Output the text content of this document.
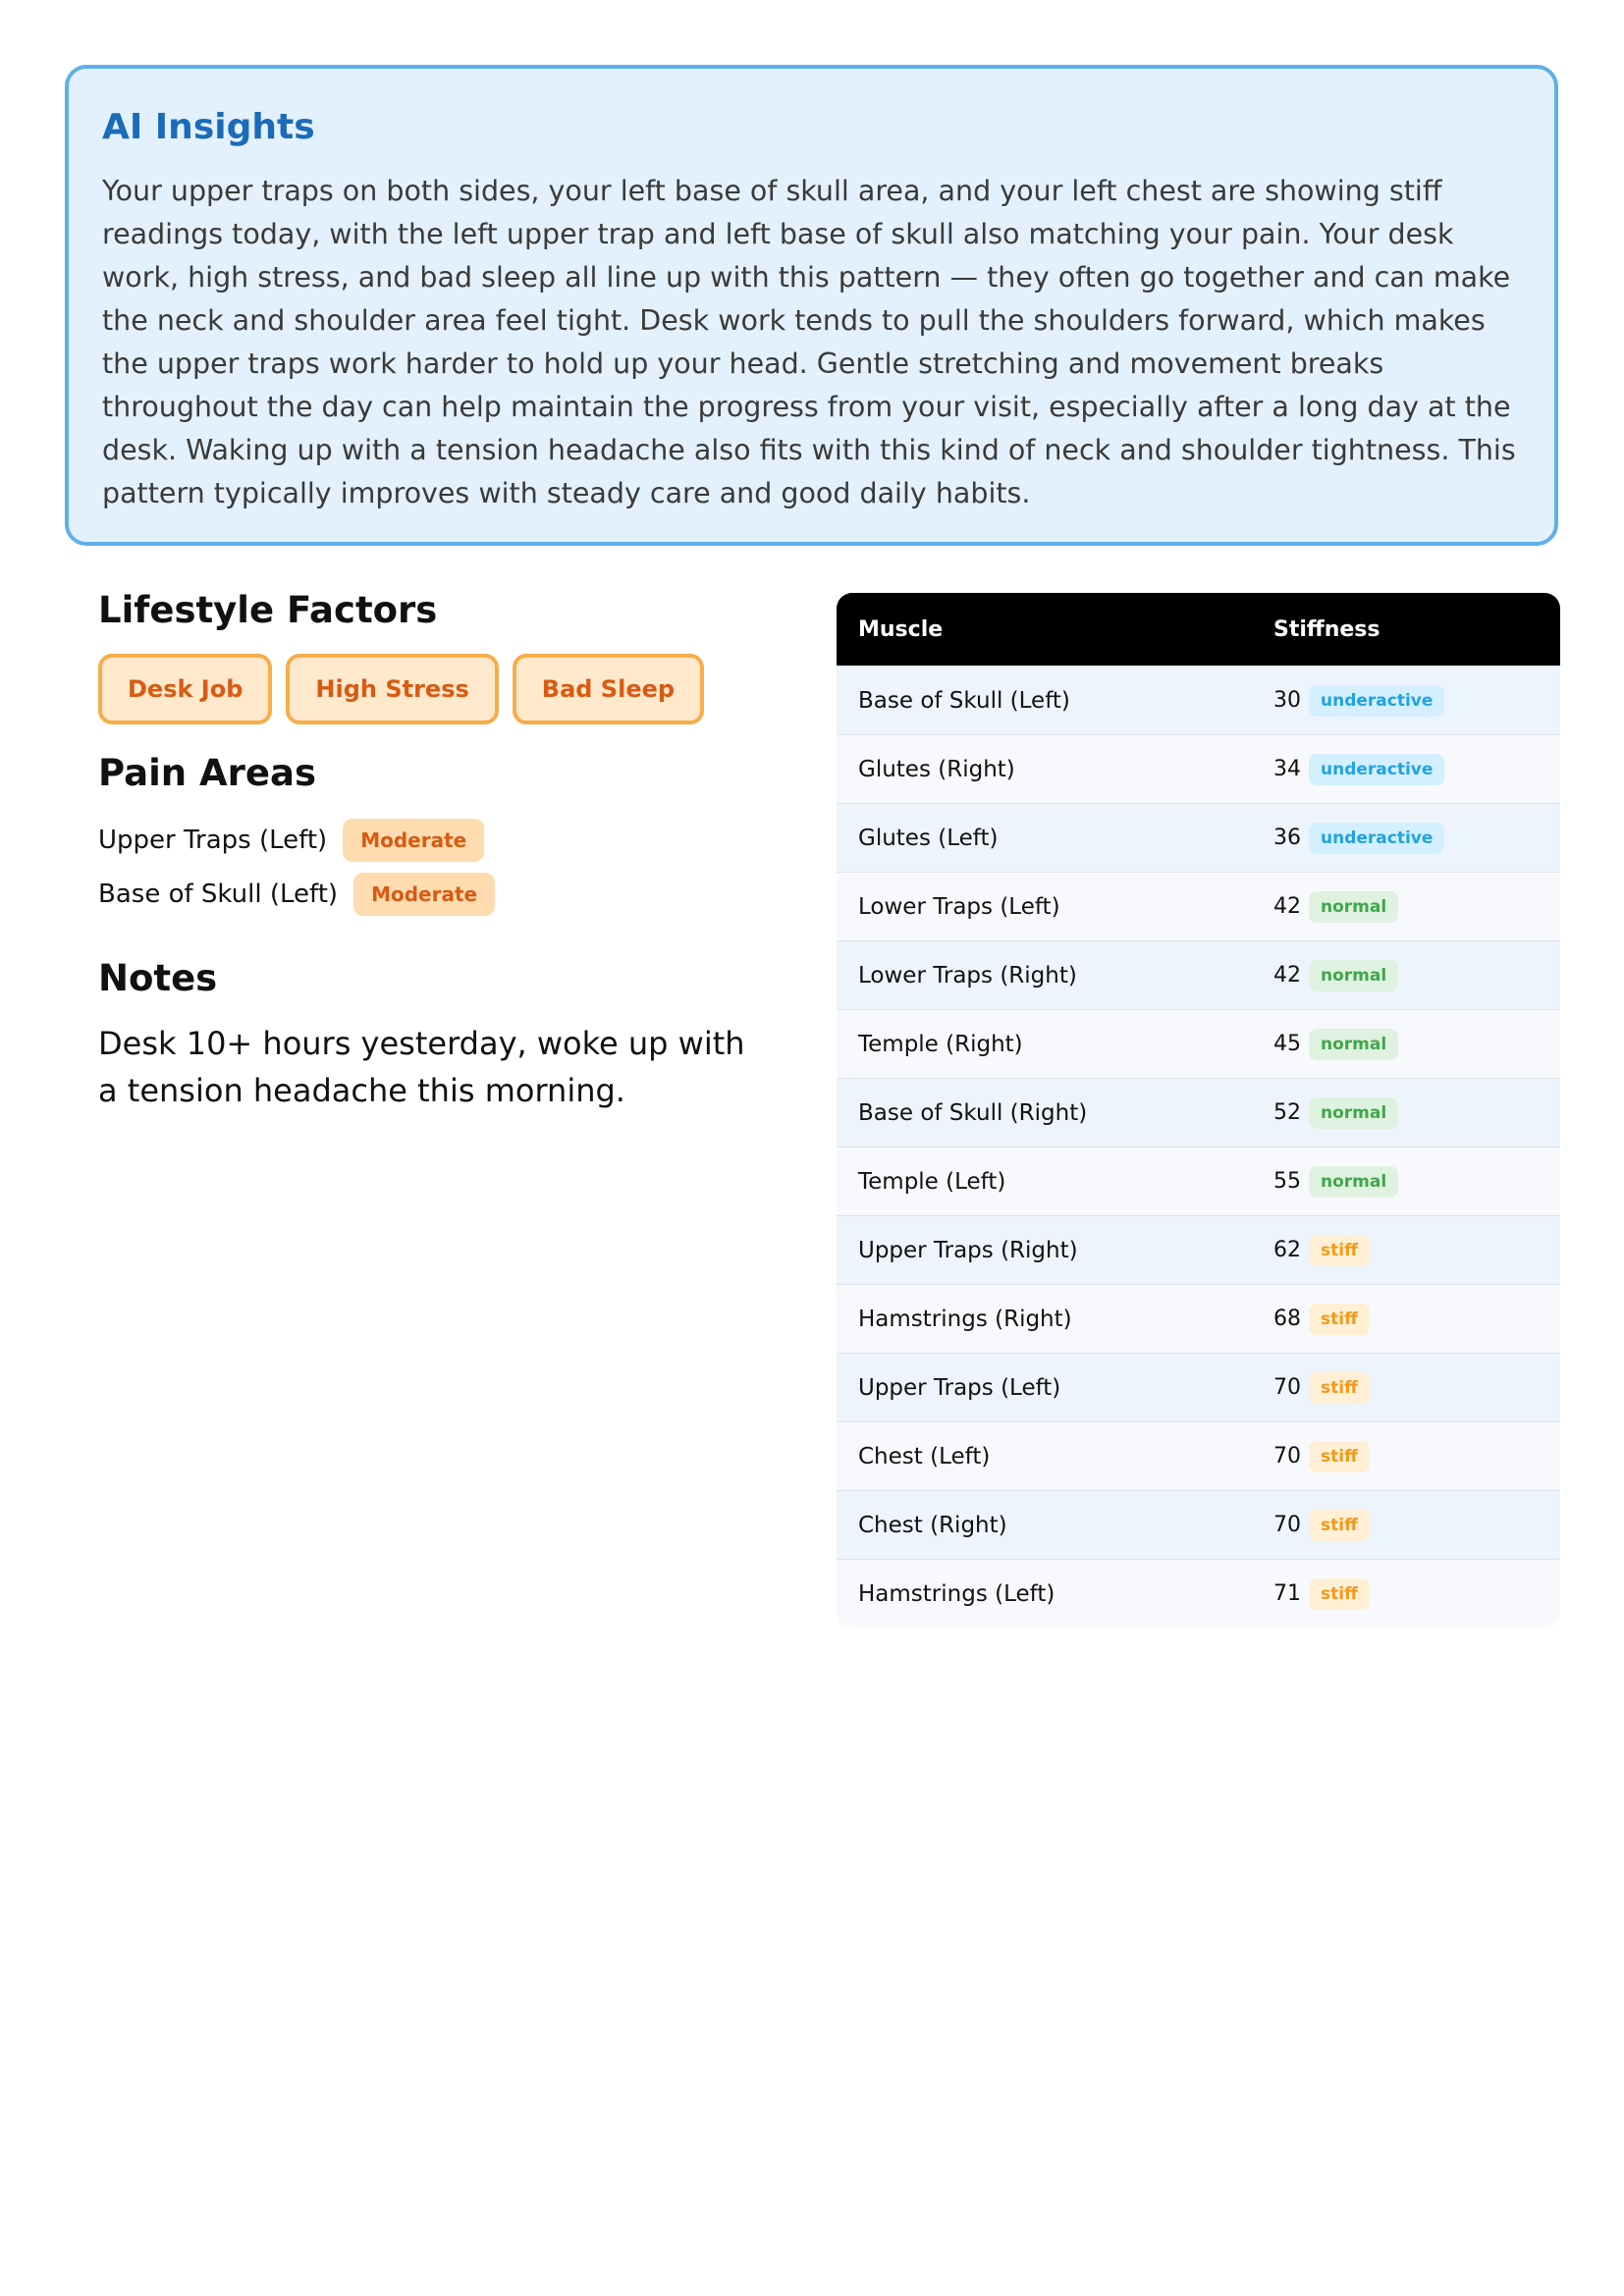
AI Insights

Your upper traps on both sides, your left base of skull area, and your left chest are showing stiff readings today, with the left upper trap and left base of skull also matching your pain. Your desk work, high stress, and bad sleep all line up with this pattern — they often go together and can make the neck and shoulder area feel tight. Desk work tends to pull the shoulders forward, which makes the upper traps work harder to hold up your head. Gentle stretching and movement breaks throughout the day can help maintain the progress from your visit, especially after a long day at the desk. Waking up with a tension headache also fits with this kind of neck and shoulder tightness. This pattern typically improves with steady care and good daily habits.

Lifestyle Factors
Desk Job	High Stress	Bad Sleep
Pain Areas
Upper Traps (Left)	Moderate
Base of Skull (Left)	Moderate
Notes
Desk 10+ hours yesterday, woke up with a tension headache this morning.
Muscle	Stiffness
Base of Skull (Left)	30 underactive
Glutes (Right)	34 underactive
Glutes (Left)	36 underactive
Lower Traps (Left)	42 normal
Lower Traps (Right)	42 normal
Temple (Right)	45 normal
Base of Skull (Right)	52 normal
Temple (Left)	55 normal
Upper Traps (Right)	62 stiff
Hamstrings (Right)	68 stiff
Upper Traps (Left)	70 stiff
Chest (Left)	70 stiff
Chest (Right)	70 stiff
Hamstrings (Left)	71 stiff
